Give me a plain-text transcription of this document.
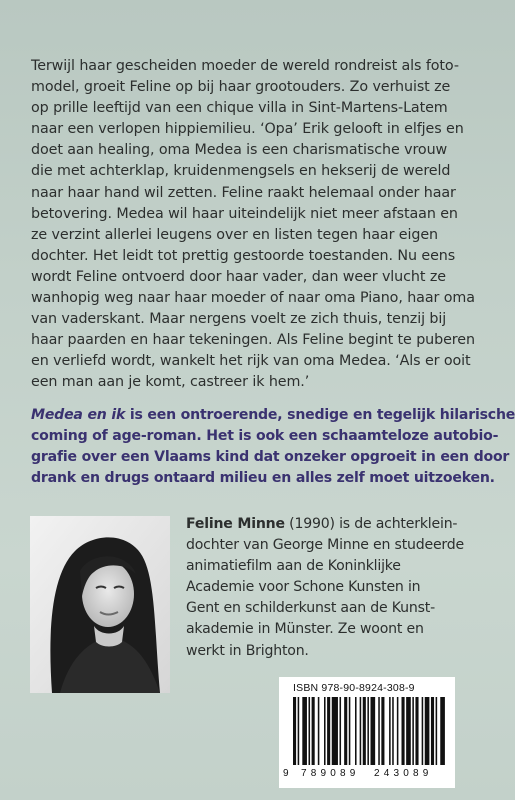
Terwijl haar gescheiden moeder de wereld rondreist als foto-
model, groeit Feline op bij haar grootouders. Zo verhuist ze
op prille leeftijd van een chique villa in Sint-Martens-Latem
naar een verlopen hippiemilieu. ‘Opa’ Erik gelooft in elfjes en
doet aan healing, oma Medea is een charismatische vrouw
die met achterklap, kruidenmengsels en hekserij de wereld
naar haar hand wil zetten. Feline raakt helemaal onder haar
betovering. Medea wil haar uiteindelijk niet meer afstaan en
ze verzint allerlei leugens over en listen tegen haar eigen
dochter. Het leidt tot prettig gestoorde toestanden. Nu eens
wordt Feline ontvoerd door haar vader, dan weer vlucht ze
wanhopig weg naar haar moeder of naar oma Piano, haar oma
van vaderskant. Maar nergens voelt ze zich thuis, tenzij bij
haar paarden en haar tekeningen. Als Feline begint te puberen
en verliefd wordt, wankelt het rijk van oma Medea. ‘Als er ooit
een man aan je komt, castreer ik hem.’

Medea en ik is een ontroerende, snedige en tegelijk hilarische
coming of age-roman. Het is ook een schaamteloze autobio-
grafie over een Vlaams kind dat onzeker opgroeit in een door
drank en drugs ontaard milieu en alles zelf moet uitzoeken.

Feline Minne (1990) is de achterklein-
dochter van George Minne en studeerde
animatiefilm aan de Koninklijke
Academie voor Schone Kunsten in
Gent en schilderkunst aan de Kunst-
akademie in Münster. Ze woont en
werkt in Brighton.

ISBN 978-90-8924-308-9
9 789089 243089
